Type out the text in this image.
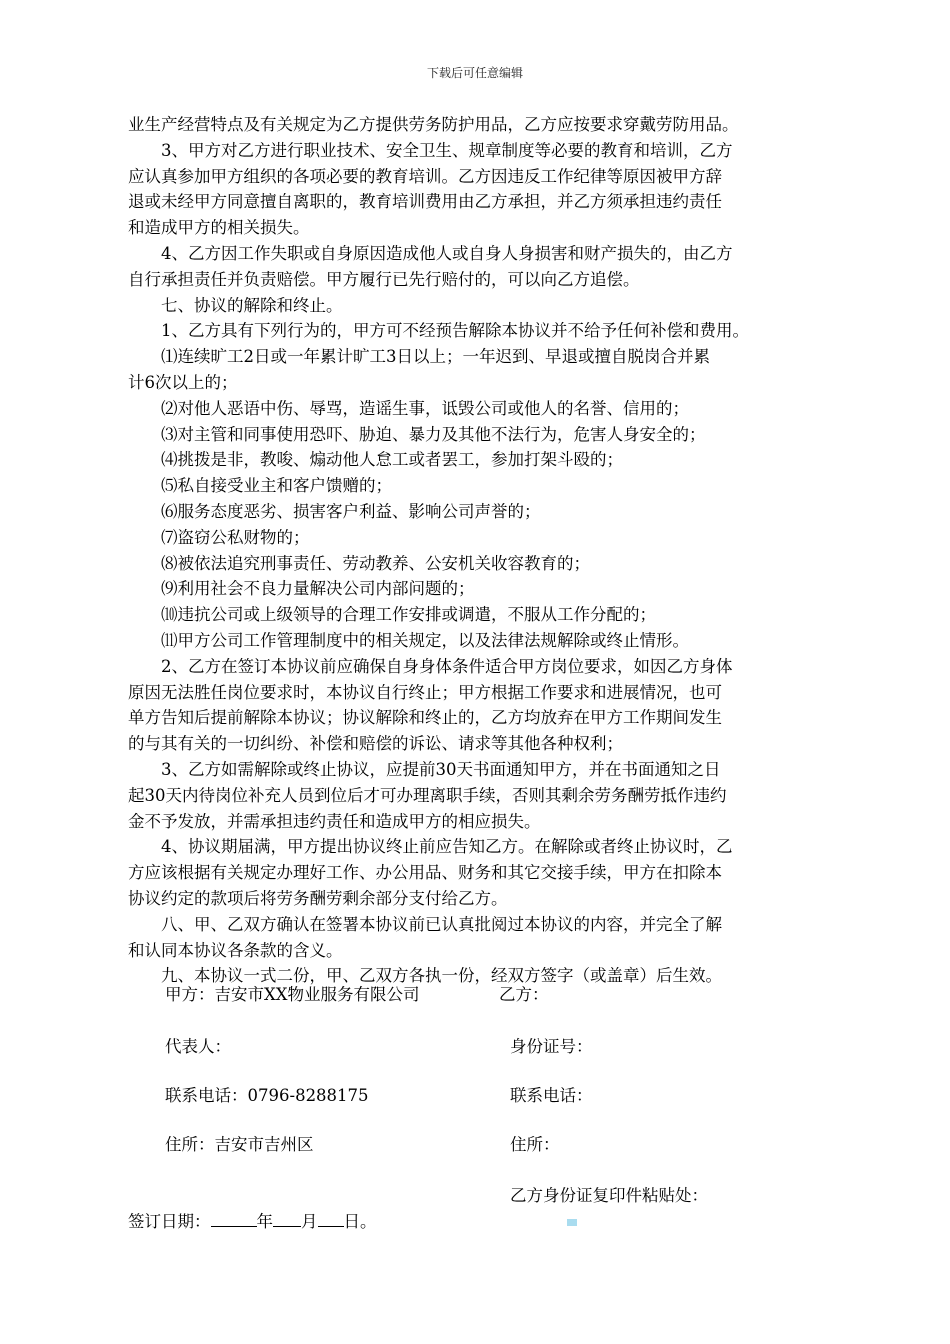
下载后可任意编辑

业生产经营特点及有关规定为乙方提供劳务防护用品，乙方应按要求穿戴劳防用品。

3、甲方对乙方进行职业技术、安全卫生、规章制度等必要的教育和培训，乙方

应认真参加甲方组织的各项必要的教育培训。乙方因违反工作纪律等原因被甲方辞

退或未经甲方同意擅自离职的，教育培训费用由乙方承担，并乙方须承担违约责任

和造成甲方的相关损失。

4、乙方因工作失职或自身原因造成他人或自身人身损害和财产损失的，由乙方

自行承担责任并负责赔偿。甲方履行已先行赔付的，可以向乙方追偿。

七、协议的解除和终止。

1、乙方具有下列行为的，甲方可不经预告解除本协议并不给予任何补偿和费用。

⑴连续旷工2日或一年累计旷工3日以上；一年迟到、早退或擅自脱岗合并累

计6次以上的；

⑵对他人恶语中伤、辱骂，造谣生事，诋毁公司或他人的名誉、信用的；

⑶对主管和同事使用恐吓、胁迫、暴力及其他不法行为，危害人身安全的；

⑷挑拨是非，教唆、煽动他人怠工或者罢工，参加打架斗殴的；

⑸私自接受业主和客户馈赠的；

⑹服务态度恶劣、损害客户利益、影响公司声誉的；

⑺盗窃公私财物的；

⑻被依法追究刑事责任、劳动教养、公安机关收容教育的；

⑼利用社会不良力量解决公司内部问题的；

⑽违抗公司或上级领导的合理工作安排或调遣，不服从工作分配的；

⑾甲方公司工作管理制度中的相关规定，以及法律法规解除或终止情形。

2、乙方在签订本协议前应确保自身身体条件适合甲方岗位要求，如因乙方身体

原因无法胜任岗位要求时，本协议自行终止；甲方根据工作要求和进展情况，也可

单方告知后提前解除本协议；协议解除和终止的，乙方均放弃在甲方工作期间发生

的与其有关的一切纠纷、补偿和赔偿的诉讼、请求等其他各种权利；

3、乙方如需解除或终止协议，应提前30天书面通知甲方，并在书面通知之日

起30天内待岗位补充人员到位后才可办理离职手续，否则其剩余劳务酬劳抵作违约

金不予发放，并需承担违约责任和造成甲方的相应损失。

4、协议期届满，甲方提出协议终止前应告知乙方。在解除或者终止协议时，乙

方应该根据有关规定办理好工作、办公用品、财务和其它交接手续，甲方在扣除本

协议约定的款项后将劳务酬劳剩余部分支付给乙方。

八、甲、乙双方确认在签署本协议前已认真批阅过本协议的内容，并完全了解

和认同本协议各条款的含义。

九、本协议一式二份，甲、乙双方各执一份，经双方签字（或盖章）后生效。

甲方：吉安市XX物业服务有限公司	乙方：
代表人：	身份证号：
联系电话：0796-8288175	联系电话：
住所：吉安市吉州区	住所：
乙方身份证复印件粘贴处：
签订日期：	年 月 日。
